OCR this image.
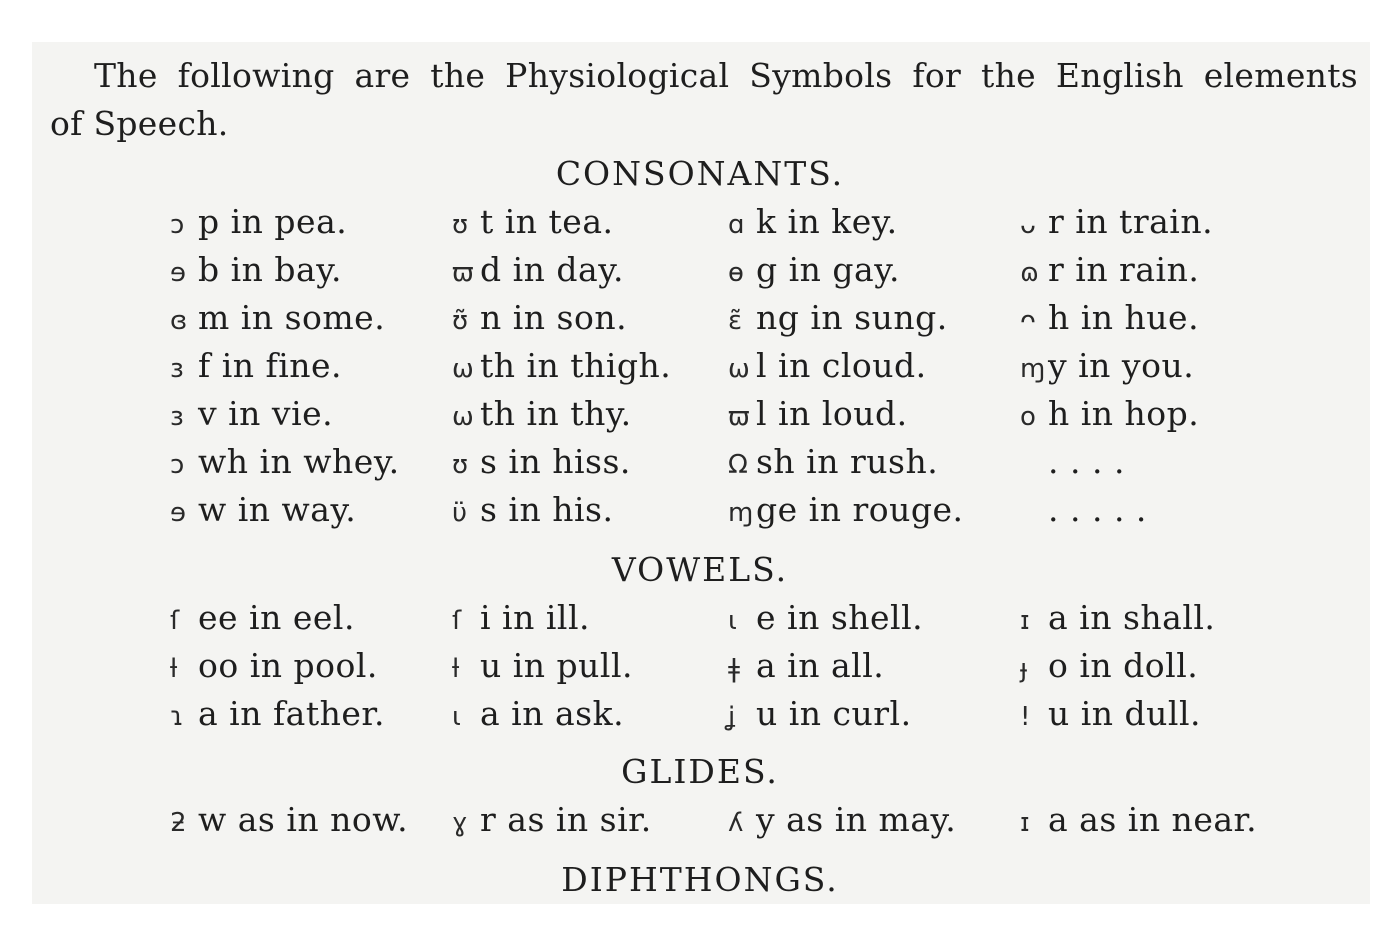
The following are the Physiological Symbols for the English elements
of Speech.
CONSONANTS.
ɔ p in pea.	ʊ t in tea.	ɑ k in key.	ᴗ r in train.
ɘ b in bay.	ϖ d in day.	ɵ g in gay.	ɷ r in rain.
ɞ m in some.	ʊ̃ n in son.	ɛ̃ ng in sung.	ᴖ h in hue.
ɜ f in fine.	ω th in thigh. ω l in cloud.	ɱy in you.
з v in vie.	ѡ th in thy.	ϖ l in loud.	o h in hop.
ɔ wh in whey. ʊ s in hiss.	Ω sh in rush.	. . . .
ɘ w in way.	ϋ s in his.	ɱge in rouge.	. . . . .
VOWELS.
ſ ee in eel.	ſ i in ill.	ɩ e in shell.	ɪ a in shall.
ƚ oo in pool.	ƚ u in pull.	ǂ a in all.	ɟ o in doll.
ɿ a in father.	ι a in ask.	ʝ u in curl.	! u in dull.
GLIDES.
ƻ w as in now. ɣ r as in sir.	ʎ y as in may. ɪ a as in near.
DIPHTHONGS.
